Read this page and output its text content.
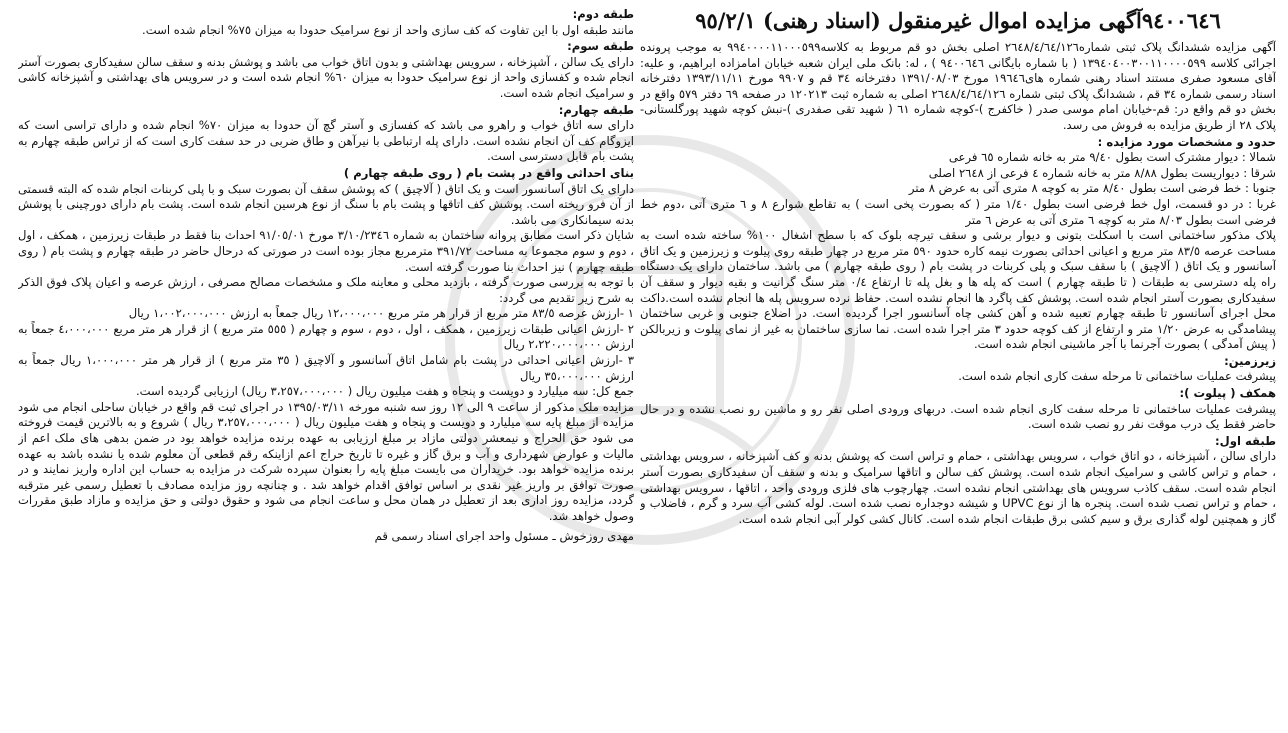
٩٤٠٠٦٤٦آگهی مزایده اموال غیرمنقول (اسناد رهنی) ٩٥/٢/١

آگهی مزایده ششدانگ پلاک ثبتی شماره٢٦٤٨/٤/٦٤/١٢٦ اصلی بخش دو قم مربوط به کلاسه٩٩٤٠٠٠٠١١٠٠٠٥٩٩ به موجب پرونده اجرائی کلاسه ١٣٩٤٠٤٠٠٣٠٠١١٠٠٠٠٥٩٩ ( با شماره بایگانی ٩٤٠٠٦٤٦ ) ، له: بانک ملی ایران شعبه خیابان امامزاده ابراهیم، و علیه: آقای مسعود صفری مستند اسناد رهنی شماره های١٩٦٤٦ مورخ ١٣٩١/٠٨/٠٣ دفترخانه ٣٤ قم و ٩٩٠٧ مورخ ١٣٩٣/١١/١١ دفترخانه اسناد رسمی شماره ٣٤ قم ، ششدانگ پلاک ثبتی شماره ٢٦٤٨/٤/٦٤/١٢٦ اصلی به شماره ثبت ١٢٠٢١٣ در صفحه ٦٩ دفتر ٥٧٩ واقع در بخش دو قم واقع در: قم-خیابان امام موسی صدر ( خاکفرج )-کوچه شماره ٦١ ( شهید تقی صفدری )-نبش کوچه شهید پورگلستانی-پلاک ٢٨ از طریق مزایده به فروش می رسد.

حدود و مشخصات مورد مزایده :

شمالا : دیوار مشترک است بطول ٩/٤٠ متر به خانه شماره ٦٥ فرعی

شرقا : دیواریست بطول ٨/٨٨ متر به خانه شماره ٤ فرعی از ٢٦٤٨ اصلی

جنوبا : خط فرضی است بطول ٨/٤٠ متر به کوچه ٨ متری آتی به عرض ٨ متر

غربا : در دو قسمت، اول خط فرضی است بطول ١/٤٠ متر ( که بصورت پخی است ) به تقاطع شوارع ٨ و ٦ متری آتی ،دوم خط فرضی است بطول ٨/٠٣ متر به کوچه ٦ متری آتی به عرض ٦ متر

پلاک مذکور ساختمانی است با اسکلت بتونی و دیوار برشی و سقف تیرچه بلوک که با سطح اشغال ١٠٠% ساخته شده است به مساحت عرصه ٨٣/٥ متر مربع و اعیانی احداثی بصورت نیمه کاره حدود ٥٩٠ متر مربع در چهار طبقه روی پیلوت و زیرزمین و یک اتاق آسانسور و یک اتاق ( آلاچیق ) با سقف سبک و پلی کربنات در پشت بام ( روی طبقه چهارم ) می باشد. ساختمان دارای یک دستگاه راه پله دسترسی به طبقات ( تا طبقه چهارم ) است که پله ها و بغل پله تا ارتفاع ٠/٤ متر سنگ گرانیت و بقیه دیوار و سقف آن سفیدکاری بصورت آستر انجام شده است. پوشش کف پاگرد ها انجام نشده است. حفاظ نرده سرویس پله ها انجام نشده است.داکت محل اجرای آسانسور تا طبقه چهارم تعبیه شده و آهن کشی چاه آسانسور اجرا گردیده است. در اضلاع جنوبی و غربی ساختمان پیشامدگی به عرض ١/٢٠ متر و ارتفاع از کف کوچه حدود ٣ متر اجرا شده است. نما سازی ساختمان به غیر از نمای پیلوت و زیربالکن ( پیش آمدگی ) بصورت آجرنما با آجر ماشینی انجام شده است.

زیرزمین:

پیشرفت عملیات ساختمانی تا مرحله سفت کاری انجام شده است.

همکف ( پیلوت ):

پیشرفت عملیات ساختمانی تا مرحله سفت کاری انجام شده است. دربهای ورودی اصلی نفر رو و ماشین رو نصب نشده و در حال حاضر فقط یک درب موقت نفر رو نصب شده است.

طبقه اول:

دارای سالن ، آشپزخانه ، دو اتاق خواب ، سرویس بهداشتی ، حمام و تراس است که پوشش بدنه و کف آشپزخانه ، سرویس بهداشتی ، حمام و تراس کاشی و سرامیک انجام شده است. پوشش کف سالن و اتاقها سرامیک و بدنه و سقف آن سفیدکاری بصورت آستر انجام شده است. سقف کاذب سرویس های بهداشتی انجام نشده است. چهارچوب های فلزی ورودی واحد ، اتاقها ، سرویس بهداشتی ، حمام و تراس نصب شده است. پنجره ها از نوع UPVC و شیشه دوجداره نصب شده است. لوله کشی آب سرد و گرم ، فاضلاب و گاز و همچنین لوله گذاری برق و سیم کشی برق طبقات انجام شده است. کانال کشی کولر آبی انجام شده است.

طبقه دوم:

مانند طبقه اول با این تفاوت که کف سازی واحد از نوع سرامیک حدودا به میزان ٧٥% انجام شده است.

طبقه سوم:

دارای یک سالن ، آشپزخانه ، سرویس بهداشتی و بدون اتاق خواب می باشد و پوشش بدنه و سقف سالن سفیدکاری بصورت آستر انجام شده و کفسازی واحد از نوع سرامیک حدودا به میزان ٦٠% انجام شده است و در سرویس های بهداشتی و آشپزخانه کاشی و سرامیک انجام شده است.

طبقه چهارم:

دارای سه اتاق خواب و راهرو می باشد که کفسازی و آستر گچ آن حدودا به میزان ٧٠% انجام شده و دارای تراسی است که ایزوگام کف آن انجام نشده است. دارای پله ارتباطی با نیرآهن و طاق ضربی در حد سفت کاری است که از تراس طبقه چهارم به پشت بام قابل دسترسی است.

بنای احداثی واقع در پشت بام ( روی طبقه چهارم )

دارای یک اتاق آسانسور است و یک اتاق ( آلاچیق ) که پوشش سقف آن بصورت سبک و با پلی کربنات انجام شده که البته قسمتی از آن فرو ریخته است. پوشش کف اتاقها و پشت بام با سنگ از نوع هرسین انجام شده است. پشت بام دارای دورچینی با پوشش بدنه سیمانکاری می باشد.

شایان ذکر است مطابق پروانه ساختمان به شماره ٣/١٠/٢٣٤٦ مورخ ٩١/٠٥/٠١ احداث بنا فقط در طبقات زیرزمین ، همکف ، اول ، دوم و سوم مجموعا به مساحت ٣٩١/٧٢ مترمربع مجاز بوده است در صورتی که درحال حاضر در طبقه چهارم و پشت بام ( روی طبقه چهارم ) نیز احداث بنا صورت گرفته است.

با توجه به بررسی صورت گرفته ، بازدید محلی و معاینه ملک و مشخصات مصالح مصرفی ، ارزش عرصه و اعیان پلاک فوق الذکر به شرح زیر تقدیم می گردد:

١ -ارزش عرصه ٨٣/٥ متر مربع از قرار هر متر مربع ١٢،٠٠٠،٠٠٠ ریال جمعاً به ارزش ١،٠٠٢،٠٠٠،٠٠٠ ریال

٢ -ارزش اعیانی طبقات زیرزمین ، همکف ، اول ، دوم ، سوم و چهارم ( ٥٥٥ متر مربع ) از قرار هر متر مربع ٤،٠٠٠،٠٠٠ جمعاً به ارزش ٢،٢٢٠،٠٠٠،٠٠٠ ریال

٣ -ارزش اعیانی احداثی در پشت بام شامل اتاق آسانسور و آلاچیق ( ٣٥ متر مربع ) از قرار هر متر ١،٠٠٠،٠٠٠ ریال جمعاً به ارزش ٣٥،٠٠٠،٠٠٠ ریال

جمع کل: سه میلیارد و دویست و پنجاه و هفت میلیون ریال ( ٣،٢٥٧،٠٠٠،٠٠٠ ریال) ارزیابی گردیده است.

مزایده ملک مذکور از ساعت ٩ الی ١٢ روز سه شنبه مورخه ١٣٩٥/٠٣/١١ در اجرای ثبت قم واقع در خیابان ساحلی انجام می شود مزایده از مبلغ پایه سه میلیارد و دویست و پنجاه و هفت میلیون ریال ( ٣،٢٥٧،٠٠٠،٠٠٠ ریال ) شروع و به بالاترین قیمت فروخته می شود حق الحراج و نیمعشر دولتی مازاد بر مبلغ ارزیابی به عهده برنده مزایده خواهد بود در ضمن بدهی های ملک اعم از مالیات و عوارض شهرداری و آب و برق گاز و غیره تا تاریخ حراج اعم ازاینکه رقم قطعی آن معلوم شده یا نشده باشد به عهده برنده مزایده خواهد بود. خریداران می بایست مبلغ پایه را بعنوان سپرده شرکت در مزایده به حساب این اداره واریز نمایند و در صورت توافق بر واریز غیر نقدی بر اساس توافق اقدام خواهد شد . و چنانچه روز مزایده مصادف با تعطیل رسمی غیر مترقبه گردد، مزایده روز اداری بعد از تعطیل در همان محل و ساعت انجام می شود و حقوق دولتی و حق مزایده و مازاد طبق مقررات وصول خواهد شد.

مهدی روزخوش ـ مسئول واحد اجرای اسناد رسمی قم
